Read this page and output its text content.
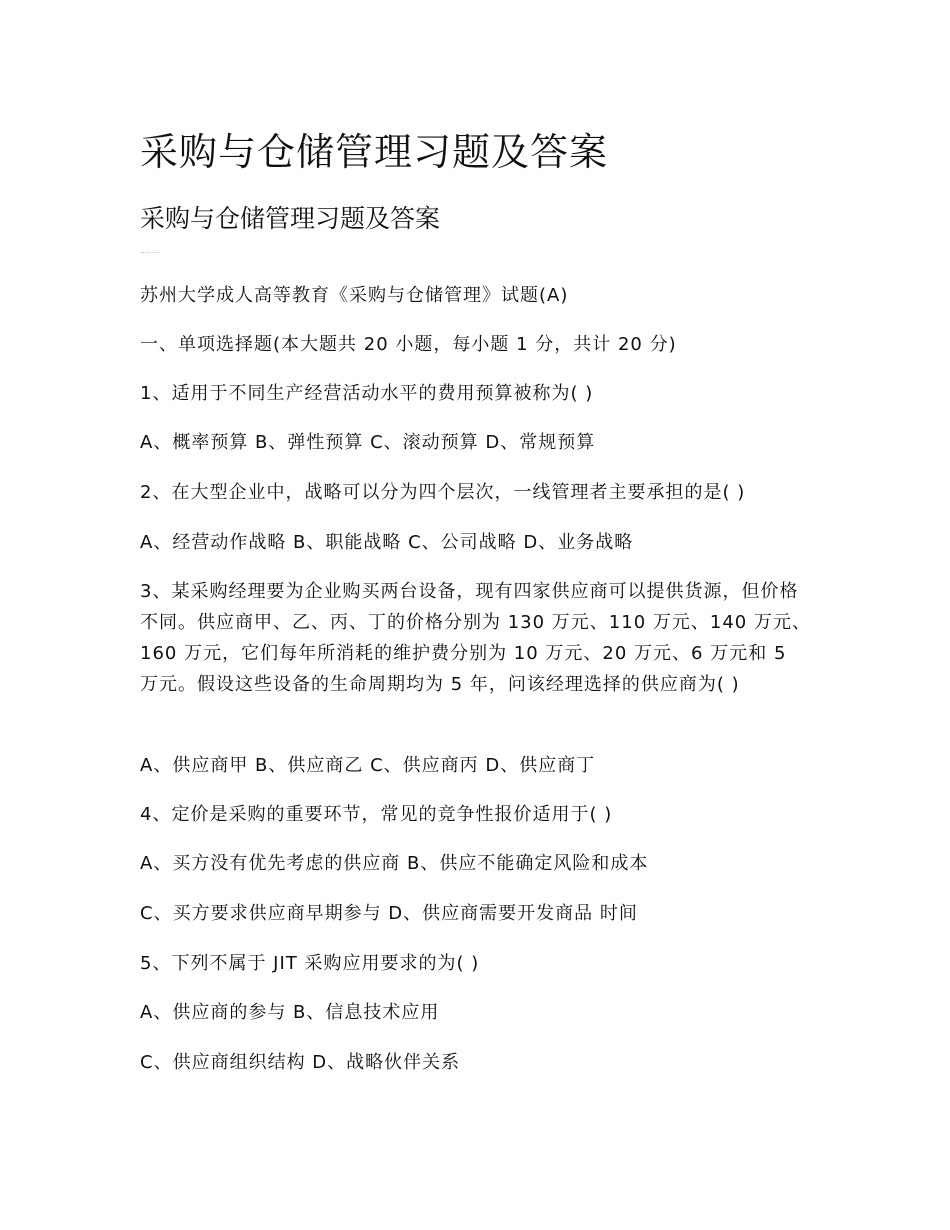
采购与仓储管理习题及答案
采购与仓储管理习题及答案
………

苏州大学成人高等教育《采购与仓储管理》试题(A)

一、单项选择题(本大题共 20 小题，每小题 1 分，共计 20 分)

1、适用于不同生产经营活动水平的费用预算被称为( )

A、概率预算 B、弹性预算 C、滚动预算 D、常规预算

2、在大型企业中，战略可以分为四个层次，一线管理者主要承担的是( )

A、经营动作战略 B、职能战略 C、公司战略 D、业务战略

3、某采购经理要为企业购买两台设备，现有四家供应商可以提供货源，但价格不同。供应商甲、乙、丙、丁的价格分别为 130 万元、110 万元、140 万元、160 万元，它们每年所消耗的维护费分别为 10 万元、20 万元、6 万元和 5 万元。假设这些设备的生命周期均为 5 年，问该经理选择的供应商为( )

A、供应商甲 B、供应商乙 C、供应商丙 D、供应商丁

4、定价是采购的重要环节，常见的竞争性报价适用于( )

A、买方没有优先考虑的供应商 B、供应不能确定风险和成本

C、买方要求供应商早期参与 D、供应商需要开发商品 时间

5、下列不属于 JIT 采购应用要求的为( )

A、供应商的参与 B、信息技术应用

C、供应商组织结构 D、战略伙伴关系
